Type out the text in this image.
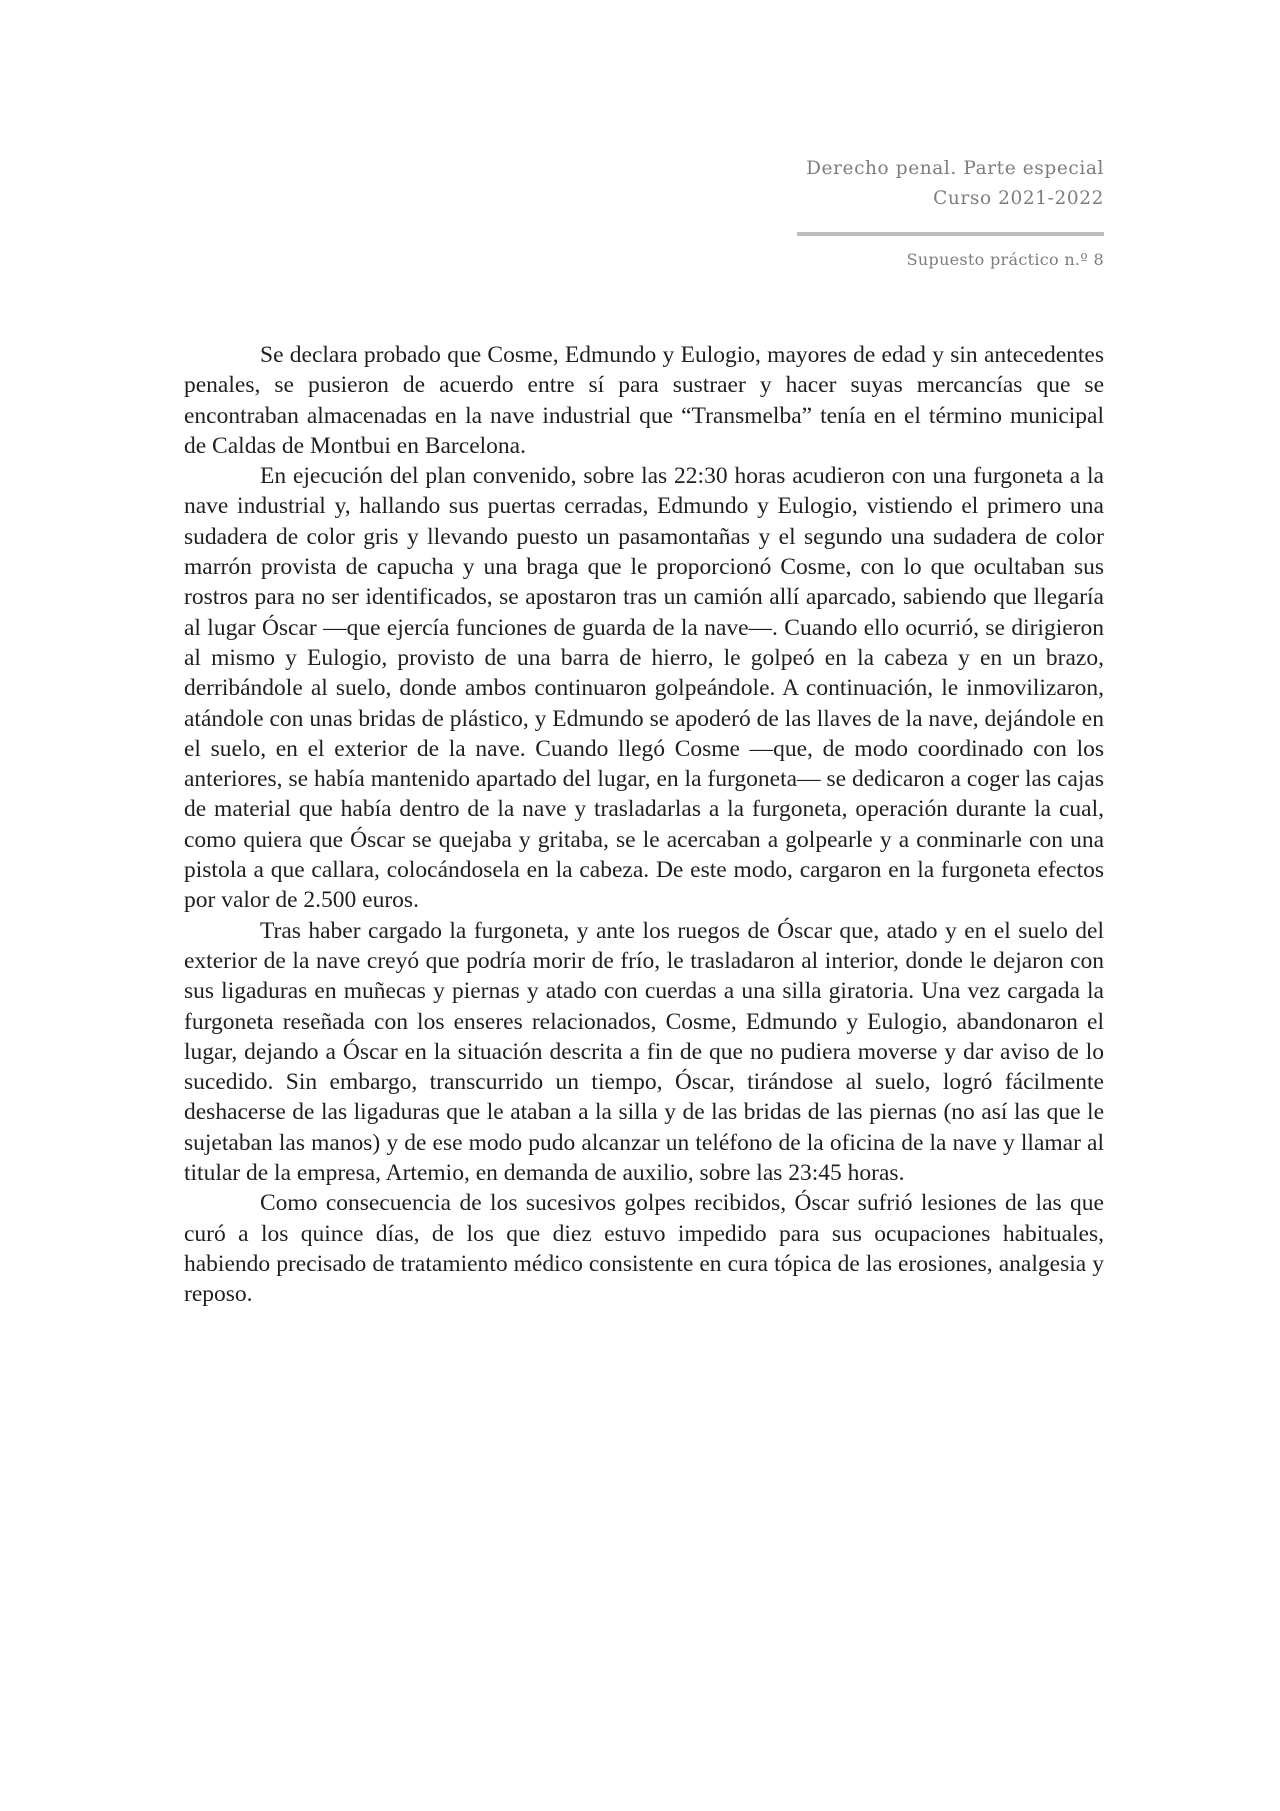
Derecho penal. Parte especial
Curso 2021-2022
Supuesto práctico n.º 8

Se declara probado que Cosme, Edmundo y Eulogio, mayores de edad y sin antecedentes penales, se pusieron de acuerdo entre sí para sustraer y hacer suyas mercancías que se encontraban almacenadas en la nave industrial que “Transmelba” tenía en el término municipal de Caldas de Montbui en Barcelona.

En ejecución del plan convenido, sobre las 22:30 horas acudieron con una furgoneta a la nave industrial y, hallando sus puertas cerradas, Edmundo y Eulogio, vistiendo el primero una sudadera de color gris y llevando puesto un pasamontañas y el segundo una sudadera de color marrón provista de capucha y una braga que le proporcionó Cosme, con lo que ocultaban sus rostros para no ser identificados, se apostaron tras un camión allí aparcado, sabiendo que llegaría al lugar Óscar —que ejercía funciones de guarda de la nave—. Cuando ello ocurrió, se dirigieron al mismo y Eulogio, provisto de una barra de hierro, le golpeó en la cabeza y en un brazo, derribándole al suelo, donde ambos continuaron golpeándole. A continuación, le inmovilizaron, atándole con unas bridas de plástico, y Edmundo se apoderó de las llaves de la nave, dejándole en el suelo, en el exterior de la nave. Cuando llegó Cosme —que, de modo coordinado con los anteriores, se había mantenido apartado del lugar, en la furgoneta— se dedicaron a coger las cajas de material que había dentro de la nave y trasladarlas a la furgoneta, operación durante la cual, como quiera que Óscar se quejaba y gritaba, se le acercaban a golpearle y a conminarle con una pistola a que callara, colocándosela en la cabeza. De este modo, cargaron en la furgoneta efectos por valor de 2.500 euros.

Tras haber cargado la furgoneta, y ante los ruegos de Óscar que, atado y en el suelo del exterior de la nave creyó que podría morir de frío, le trasladaron al interior, donde le dejaron con sus ligaduras en muñecas y piernas y atado con cuerdas a una silla giratoria. Una vez cargada la furgoneta reseñada con los enseres relacionados, Cosme, Edmundo y Eulogio, abandonaron el lugar, dejando a Óscar en la situación descrita a fin de que no pudiera moverse y dar aviso de lo sucedido. Sin embargo, transcurrido un tiempo, Óscar, tirándose al suelo, logró fácilmente deshacerse de las ligaduras que le ataban a la silla y de las bridas de las piernas (no así las que le sujetaban las manos) y de ese modo pudo alcanzar un teléfono de la oficina de la nave y llamar al titular de la empresa, Artemio, en demanda de auxilio, sobre las 23:45 horas.

Como consecuencia de los sucesivos golpes recibidos, Óscar sufrió lesiones de las que curó a los quince días, de los que diez estuvo impedido para sus ocupaciones habituales, habiendo precisado de tratamiento médico consistente en cura tópica de las erosiones, analgesia y reposo.
